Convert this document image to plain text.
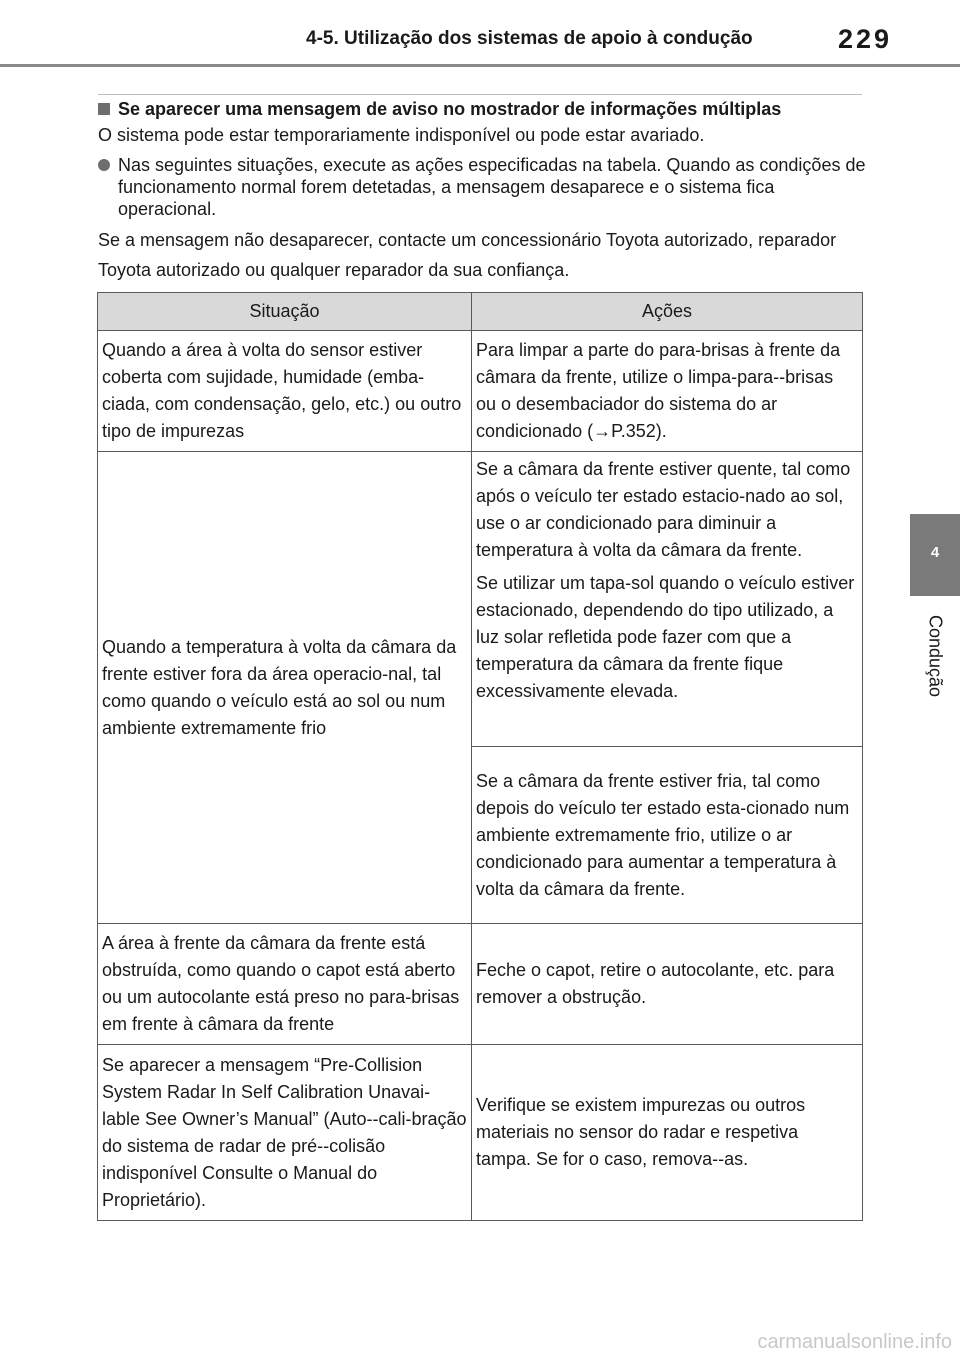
4-5. Utilização dos sistemas de apoio à condução	229
4
Condução
Se aparecer uma mensagem de aviso no mostrador de informações múltiplas
O sistema pode estar temporariamente indisponível ou pode estar avariado.
Nas seguintes situações, execute as ações especificadas na tabela. Quando as condições de funcionamento normal forem detetadas, a mensagem desaparece e o sistema fica operacional.
Se a mensagem não desaparecer, contacte um concessionário Toyota autorizado, reparador Toyota autorizado ou qualquer reparador da sua confiança.
Situação	Ações

Quando a área à volta do sensor estiver coberta com sujidade, humidade (emba-ciada, com condensação, gelo, etc.) ou outro tipo de impurezas	Para limpar a parte do para-brisas à frente da câmara da frente, utilize o limpa-para--brisas ou o desembaciador do sistema do ar condicionado (→P.352).

Quando a temperatura à volta da câmara da frente estiver fora da área operacio-nal, tal como quando o veículo está ao sol ou num ambiente extremamente frio	Se a câmara da frente estiver quente, tal como após o veículo ter estado estacio-nado ao sol, use o ar condicionado para diminuir a temperatura à volta da câmara da frente.

Se utilizar um tapa-sol quando o veículo estiver estacionado, dependendo do tipo utilizado, a luz solar refletida pode fazer com que a temperatura da câmara da frente fique excessivamente elevada.

	Se a câmara da frente estiver fria, tal como depois do veículo ter estado esta-cionado num ambiente extremamente frio, utilize o ar condicionado para aumentar a temperatura à volta da câmara da frente.

A área à frente da câmara da frente está obstruída, como quando o capot está aberto ou um autocolante está preso no para-brisas em frente à câmara da frente	Feche o capot, retire o autocolante, etc. para remover a obstrução.

Se aparecer a mensagem “Pre-Collision System Radar In Self Calibration Unavai-lable See Owner’s Manual” (Auto--cali-bração do sistema de radar de pré--colisão indisponível Consulte o Manual do Proprietário).	Verifique se existem impurezas ou outros materiais no sensor do radar e respetiva tampa. Se for o caso, remova--as.

carmanualsonline.info
